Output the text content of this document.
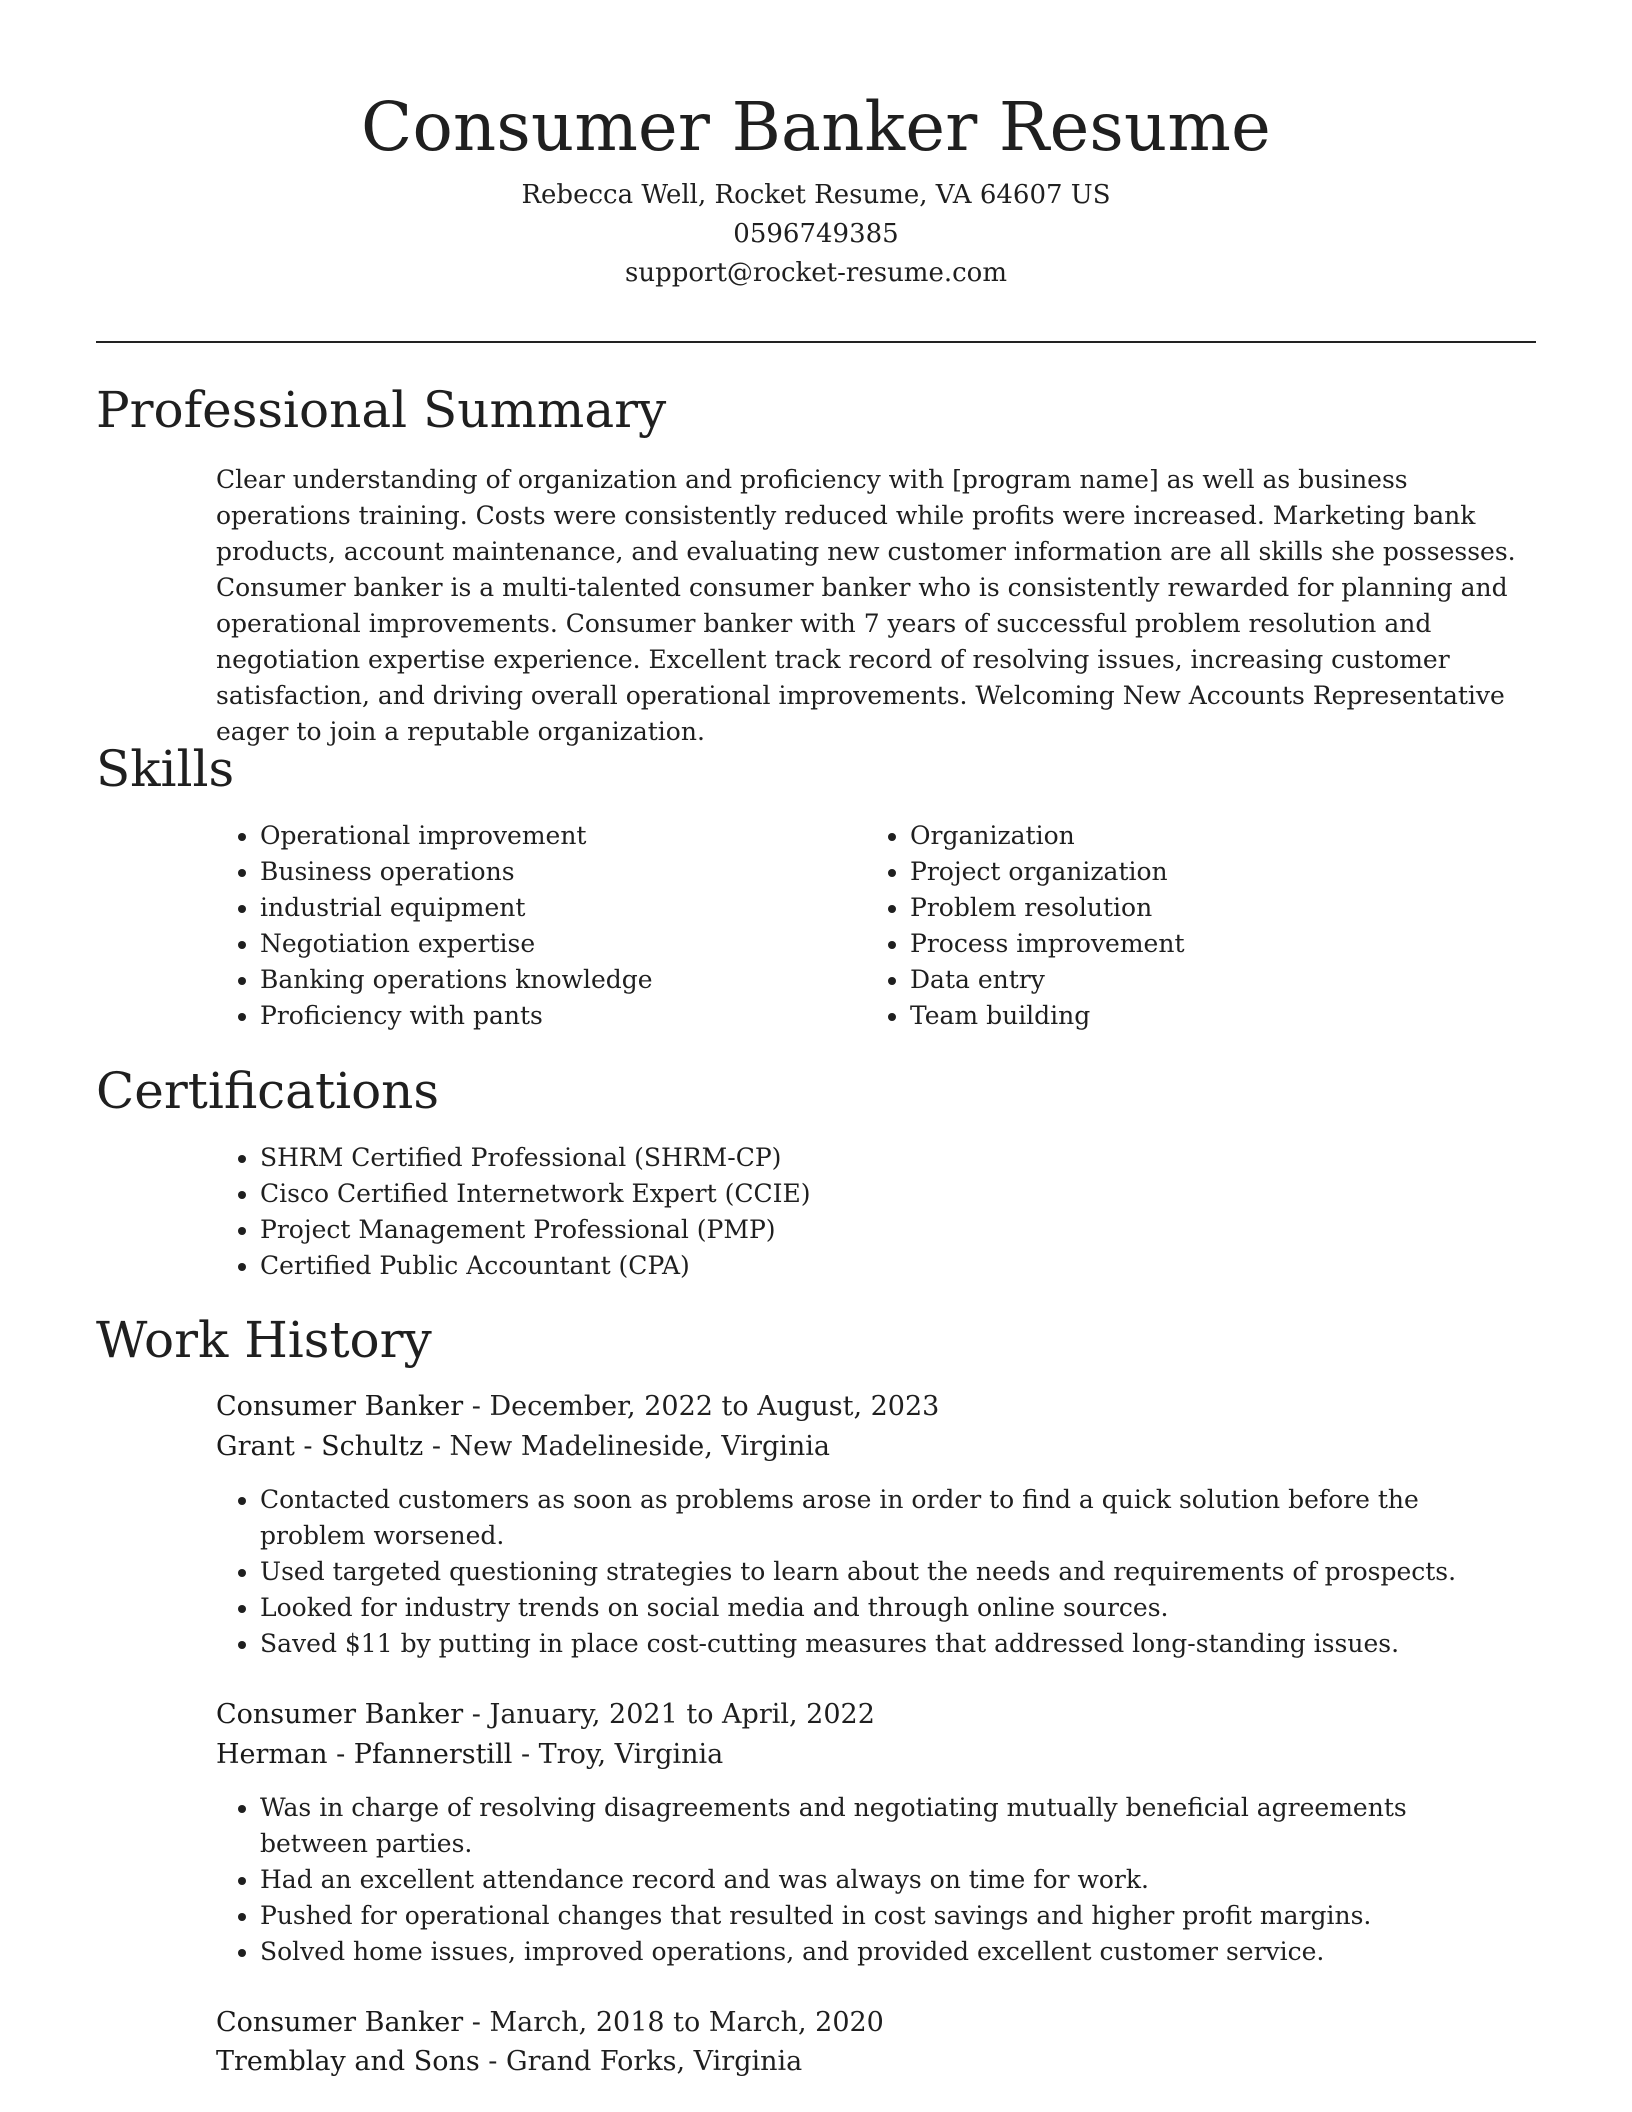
Consumer Banker Resume

Rebecca Well, Rocket Resume, VA 64607 US

0596749385

support@rocket-resume.com

Professional Summary

Clear understanding of organization and proficiency with [program name] as well as business operations training. Costs were consistently reduced while profits were increased. Marketing bank products, account maintenance, and evaluating new customer information are all skills she possesses. Consumer banker is a multi-talented consumer banker who is consistently rewarded for planning and operational improvements. Consumer banker with 7 years of successful problem resolution and negotiation expertise experience. Excellent track record of resolving issues, increasing customer satisfaction, and driving overall operational improvements. Welcoming New Accounts Representative eager to join a reputable organization.

Skills
• Operational improvement
• Business operations
• industrial equipment
• Negotiation expertise
• Banking operations knowledge
• Proficiency with pants
• Organization
• Project organization
• Problem resolution
• Process improvement
• Data entry
• Team building
Certifications
• SHRM Certified Professional (SHRM-CP)
• Cisco Certified Internetwork Expert (CCIE)
• Project Management Professional (PMP)
• Certified Public Accountant (CPA)
Work History

Consumer Banker - December, 2022 to August, 2023

Grant - Schultz - New Madelineside, Virginia

• Contacted customers as soon as problems arose in order to find a quick solution before the problem worsened.
• Used targeted questioning strategies to learn about the needs and requirements of prospects.
• Looked for industry trends on social media and through online sources.
• Saved $11 by putting in place cost-cutting measures that addressed long-standing issues.

Consumer Banker - January, 2021 to April, 2022

Herman - Pfannerstill - Troy, Virginia

• Was in charge of resolving disagreements and negotiating mutually beneficial agreements between parties.
• Had an excellent attendance record and was always on time for work.
• Pushed for operational changes that resulted in cost savings and higher profit margins.
• Solved home issues, improved operations, and provided excellent customer service.

Consumer Banker - March, 2018 to March, 2020

Tremblay and Sons - Grand Forks, Virginia
